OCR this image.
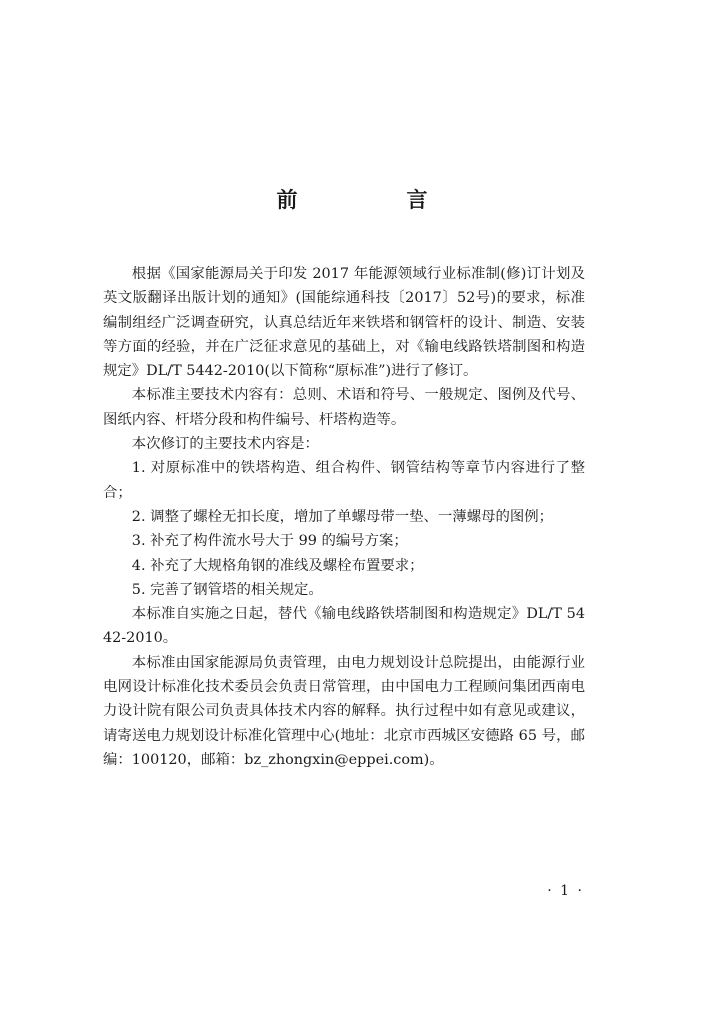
前　言

根据《国家能源局关于印发 2017 年能源领域行业标准制(修)订计划及英文版翻译出版计划的通知》(国能综通科技〔2017〕52号)的要求，标准编制组经广泛调查研究，认真总结近年来铁塔和钢管杆的设计、制造、安装等方面的经验，并在广泛征求意见的基础上，对《输电线路铁塔制图和构造规定》DL/T 5442-2010(以下简称“原标准”)进行了修订。

本标准主要技术内容有：总则、术语和符号、一般规定、图例及代号、图纸内容、杆塔分段和构件编号、杆塔构造等。

本次修订的主要技术内容是：

1. 对原标准中的铁塔构造、组合构件、钢管结构等章节内容进行了整合；

2. 调整了螺栓无扣长度，增加了单螺母带一垫、一薄螺母的图例；

3. 补充了构件流水号大于 99 的编号方案；

4. 补充了大规格角钢的准线及螺栓布置要求；

5. 完善了钢管塔的相关规定。

本标准自实施之日起，替代《输电线路铁塔制图和构造规定》DL/T 5442-2010。

本标准由国家能源局负责管理，由电力规划设计总院提出，由能源行业电网设计标准化技术委员会负责日常管理，由中国电力工程顾问集团西南电力设计院有限公司负责具体技术内容的解释。执行过程中如有意见或建议，请寄送电力规划设计标准化管理中心(地址：北京市西城区安德路 65 号，邮编：100120，邮箱：bz_zhongxin@eppei.com)。

· 1 ·
